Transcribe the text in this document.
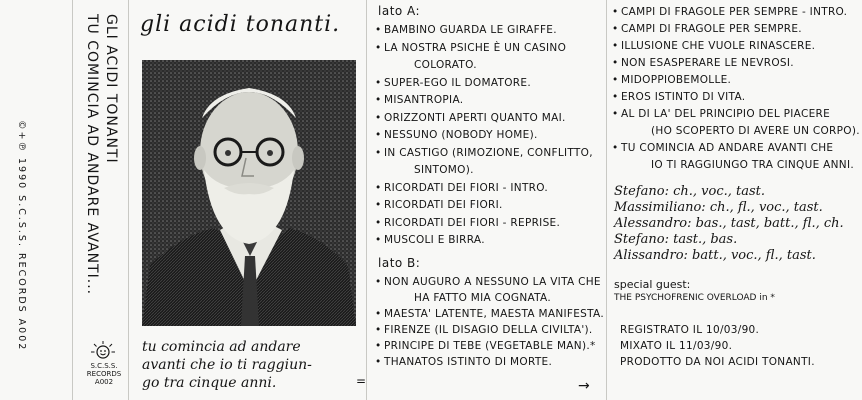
GLI ACIDI TONANTI
TU COMINCIA AD ANDARE AVANTI...
©+℗ 1990 S.C.S.S. RECORDS A002
S.C.S.S.
RECORDS
A002
gli acidi tonanti.
tu comincia ad andare
avanti che io ti raggiun-
go tra cinque anni.	=
lato A:
• BAMBINO GUARDA LE GIRAFFE.
• LA NOSTRA PSICHE È UN CASINO
COLORATO.
• SUPER-EGO IL DOMATORE.
• MISANTROPIA.
• ORIZZONTI APERTI QUANTO MAI.
• NESSUNO (NOBODY HOME).
• IN CASTIGO (RIMOZIONE, CONFLITTO,
SINTOMO).
• RICORDATI DEI FIORI - INTRO.
• RICORDATI DEI FIORI.
• RICORDATI DEI FIORI - REPRISE.
• MUSCOLI E BIRRA.
lato B:
• NON AUGURO A NESSUNO LA VITA CHE
HA FATTO MIA COGNATA.
• MAESTA' LATENTE, MAESTA MANIFESTA.
• FIRENZE (IL DISAGIO DELLA CIVILTA').
• PRINCIPE DI TEBE (VEGETABLE MAN).*
• THANATOS ISTINTO DI MORTE.
→
• CAMPI DI FRAGOLE PER SEMPRE - INTRO.
• CAMPI DI FRAGOLE PER SEMPRE.
• ILLUSIONE CHE VUOLE RINASCERE.
• NON ESASPERARE LE NEVROSI.
• MIDOPPIOBEMOLLE.
• EROS ISTINTO DI VITA.
• AL DI LA' DEL PRINCIPIO DEL PIACERE
(HO SCOPERTO DI AVERE UN CORPO).
• TU COMINCIA AD ANDARE AVANTI CHE
IO TI RAGGIUNGO TRA CINQUE ANNI.
Stefano: ch., voc., tast.
Massimiliano: ch., fl., voc., tast.
Alessandro: bas., tast, batt., fl., ch.
Stefano: tast., bas.
Alissandro: batt., voc., fl., tast.
special guest:
THE PSYCHOFRENIC OVERLOAD in *
REGISTRATO IL 10/03/90.
MIXATO IL 11/03/90.
PRODOTTO DA NOI ACIDI TONANTI.
